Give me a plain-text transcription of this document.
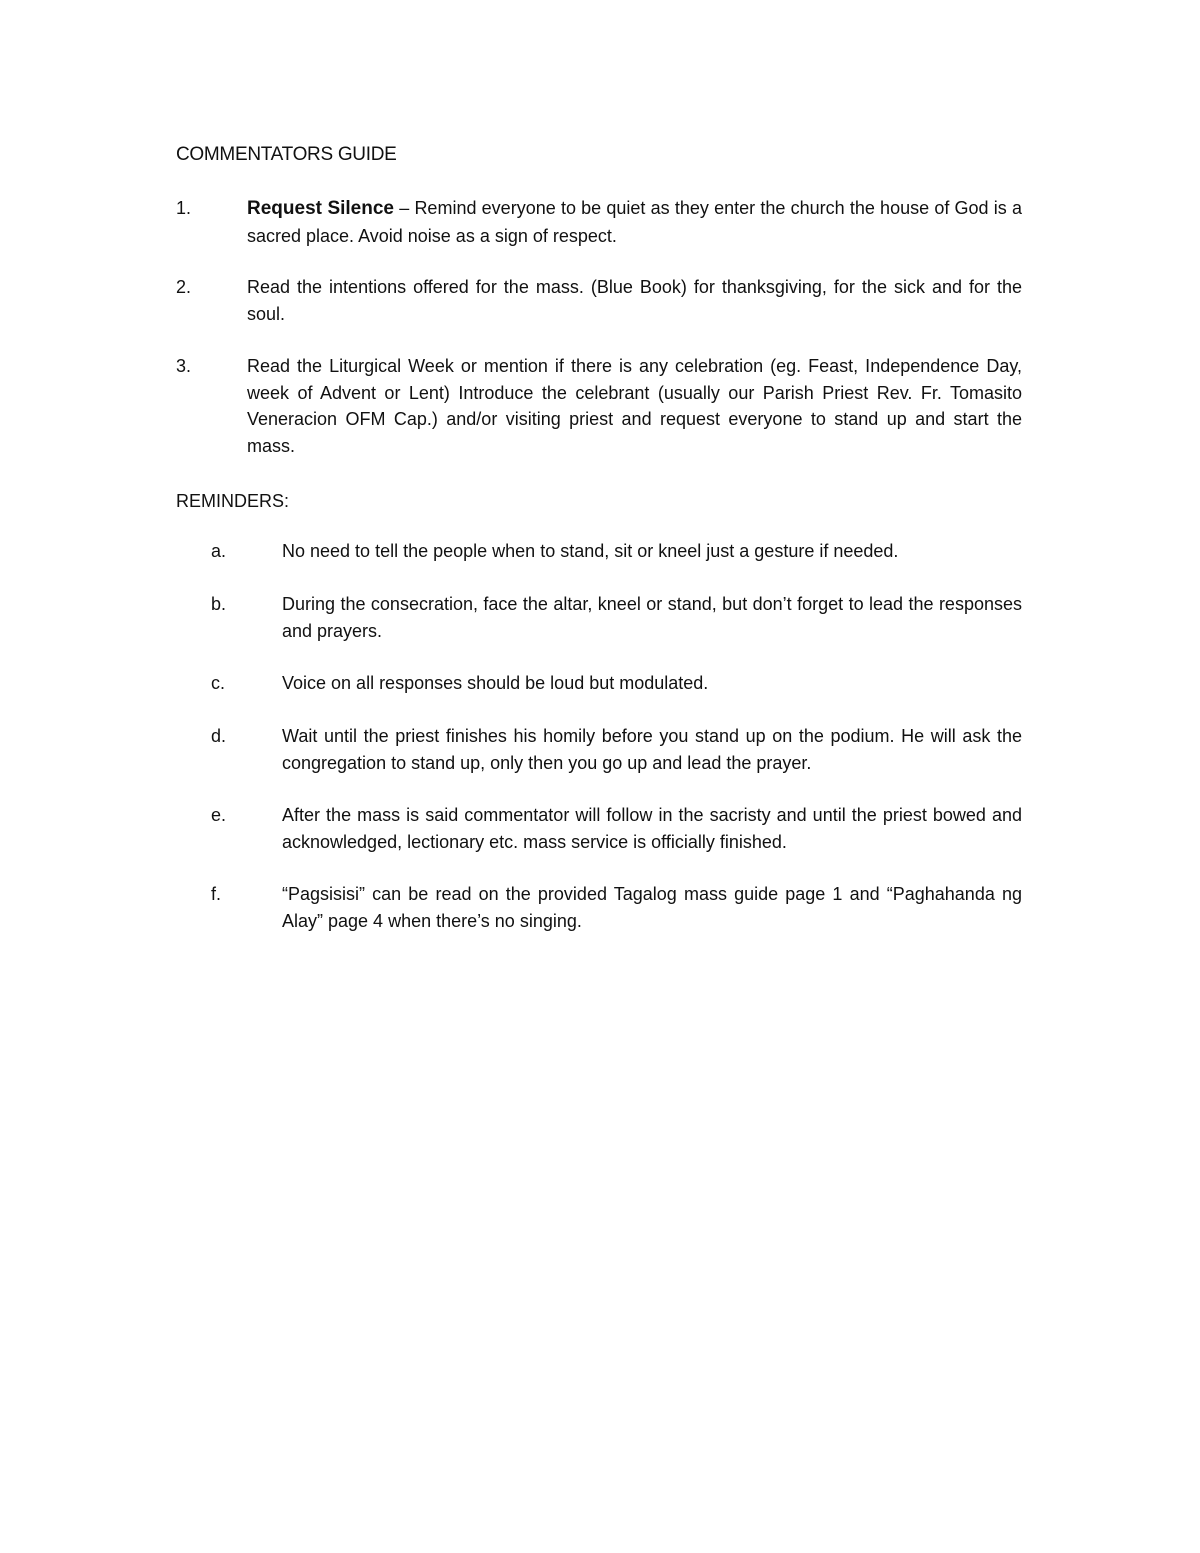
COMMENTATORS GUIDE
1.	Request Silence – Remind everyone to be quiet as they enter the church the house of God is a sacred place. Avoid noise as a sign of respect.
2.	Read the intentions offered for the mass. (Blue Book) for thanksgiving, for the sick and for the soul.
3.	Read the Liturgical Week or mention if there is any celebration (eg. Feast, Independence Day, week of Advent or Lent) Introduce the celebrant (usually our Parish Priest Rev. Fr. Tomasito Veneracion OFM Cap.) and/or visiting priest and request everyone to stand up and start the mass.
REMINDERS:
a.	No need to tell the people when to stand, sit or kneel just a gesture if needed.
b.	During the consecration, face the altar, kneel or stand, but don’t forget to lead the responses and prayers.
c.	Voice on all responses should be loud but modulated.
d.	Wait until the priest finishes his homily before you stand up on the podium. He will ask the congregation to stand up, only then you go up and lead the prayer.
e.	After the mass is said commentator will follow in the sacristy and until the priest bowed and acknowledged, lectionary etc. mass service is officially finished.
f.	“Pagsisisi” can be read on the provided Tagalog mass guide page 1 and “Paghahanda ng Alay” page 4 when there’s no singing.
